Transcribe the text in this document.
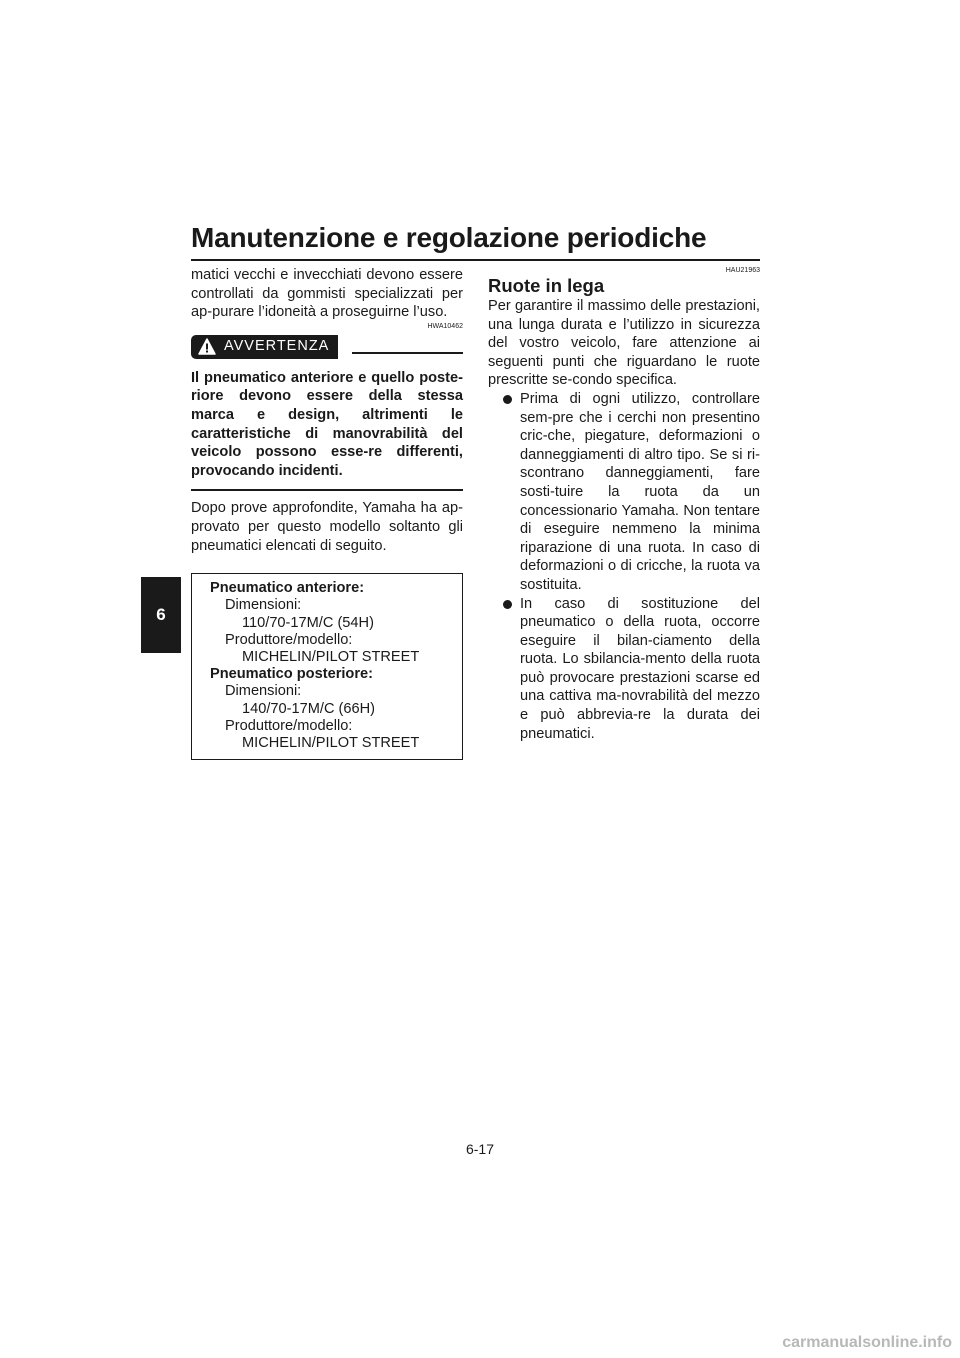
Manutenzione e regolazione periodiche
6

matici vecchi e invecchiati devono essere controllati da gommisti specializzati per ap-purare l’idoneità a proseguirne l’uso.

HWA10462
AVVERTENZA

Il pneumatico anteriore e quello poste-riore devono essere della stessa marca e design, altrimenti le caratteristiche di manovrabilità del veicolo possono esse-re differenti, provocando incidenti.

Dopo prove approfondite, Yamaha ha ap-provato per questo modello soltanto gli pneumatici elencati di seguito.

Pneumatico anteriore:
Dimensioni:
110/70-17M/C (54H)
Produttore/modello:
MICHELIN/PILOT STREET
Pneumatico posteriore:
Dimensioni:
140/70-17M/C (66H)
Produttore/modello:
MICHELIN/PILOT STREET
HAU21963
Ruote in lega

Per garantire il massimo delle prestazioni, una lunga durata e l’utilizzo in sicurezza del vostro veicolo, fare attenzione ai seguenti punti che riguardano le ruote prescritte se-condo specifica.

Prima di ogni utilizzo, controllare sem-pre che i cerchi non presentino cric-che, piegature, deformazioni o danneggiamenti di altro tipo. Se si ri-scontrano danneggiamenti, fare sosti-tuire la ruota da un concessionario Yamaha. Non tentare di eseguire nemmeno la minima riparazione di una ruota. In caso di deformazioni o di cricche, la ruota va sostituita.
In caso di sostituzione del pneumatico o della ruota, occorre eseguire il bilan-ciamento della ruota. Lo sbilancia-mento della ruota può provocare prestazioni scarse ed una cattiva ma-novrabilità del mezzo e può abbrevia-re la durata dei pneumatici.
6-17
carmanualsonline.info
